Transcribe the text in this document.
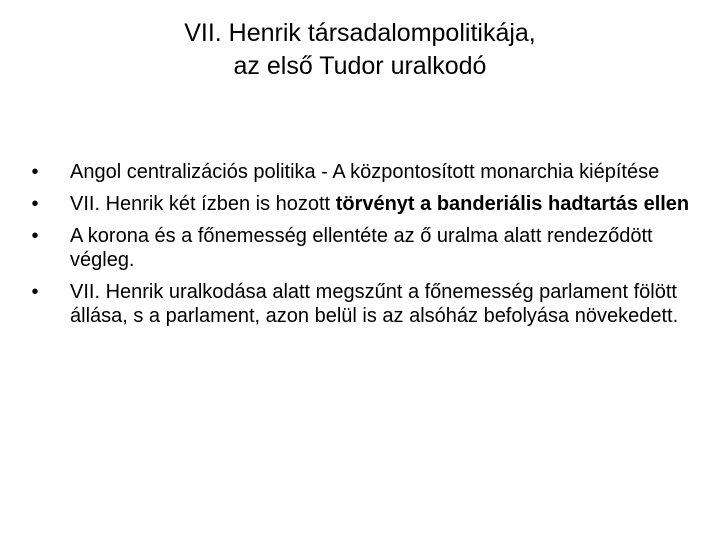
VII. Henrik társadalompolitikája,
az első Tudor uralkodó
• Angol centralizációs politika - A központosított monarchia kiépítése
• VII. Henrik két ízben is hozott törvényt a banderiális hadtartás ellen
• A korona és a főnemesség ellentéte az ő uralma alatt rendeződött végleg.
• VII. Henrik uralkodása alatt megszűnt a főnemesség parlament fölött állása, s a parlament, azon belül is az alsóház befolyása növekedett.
